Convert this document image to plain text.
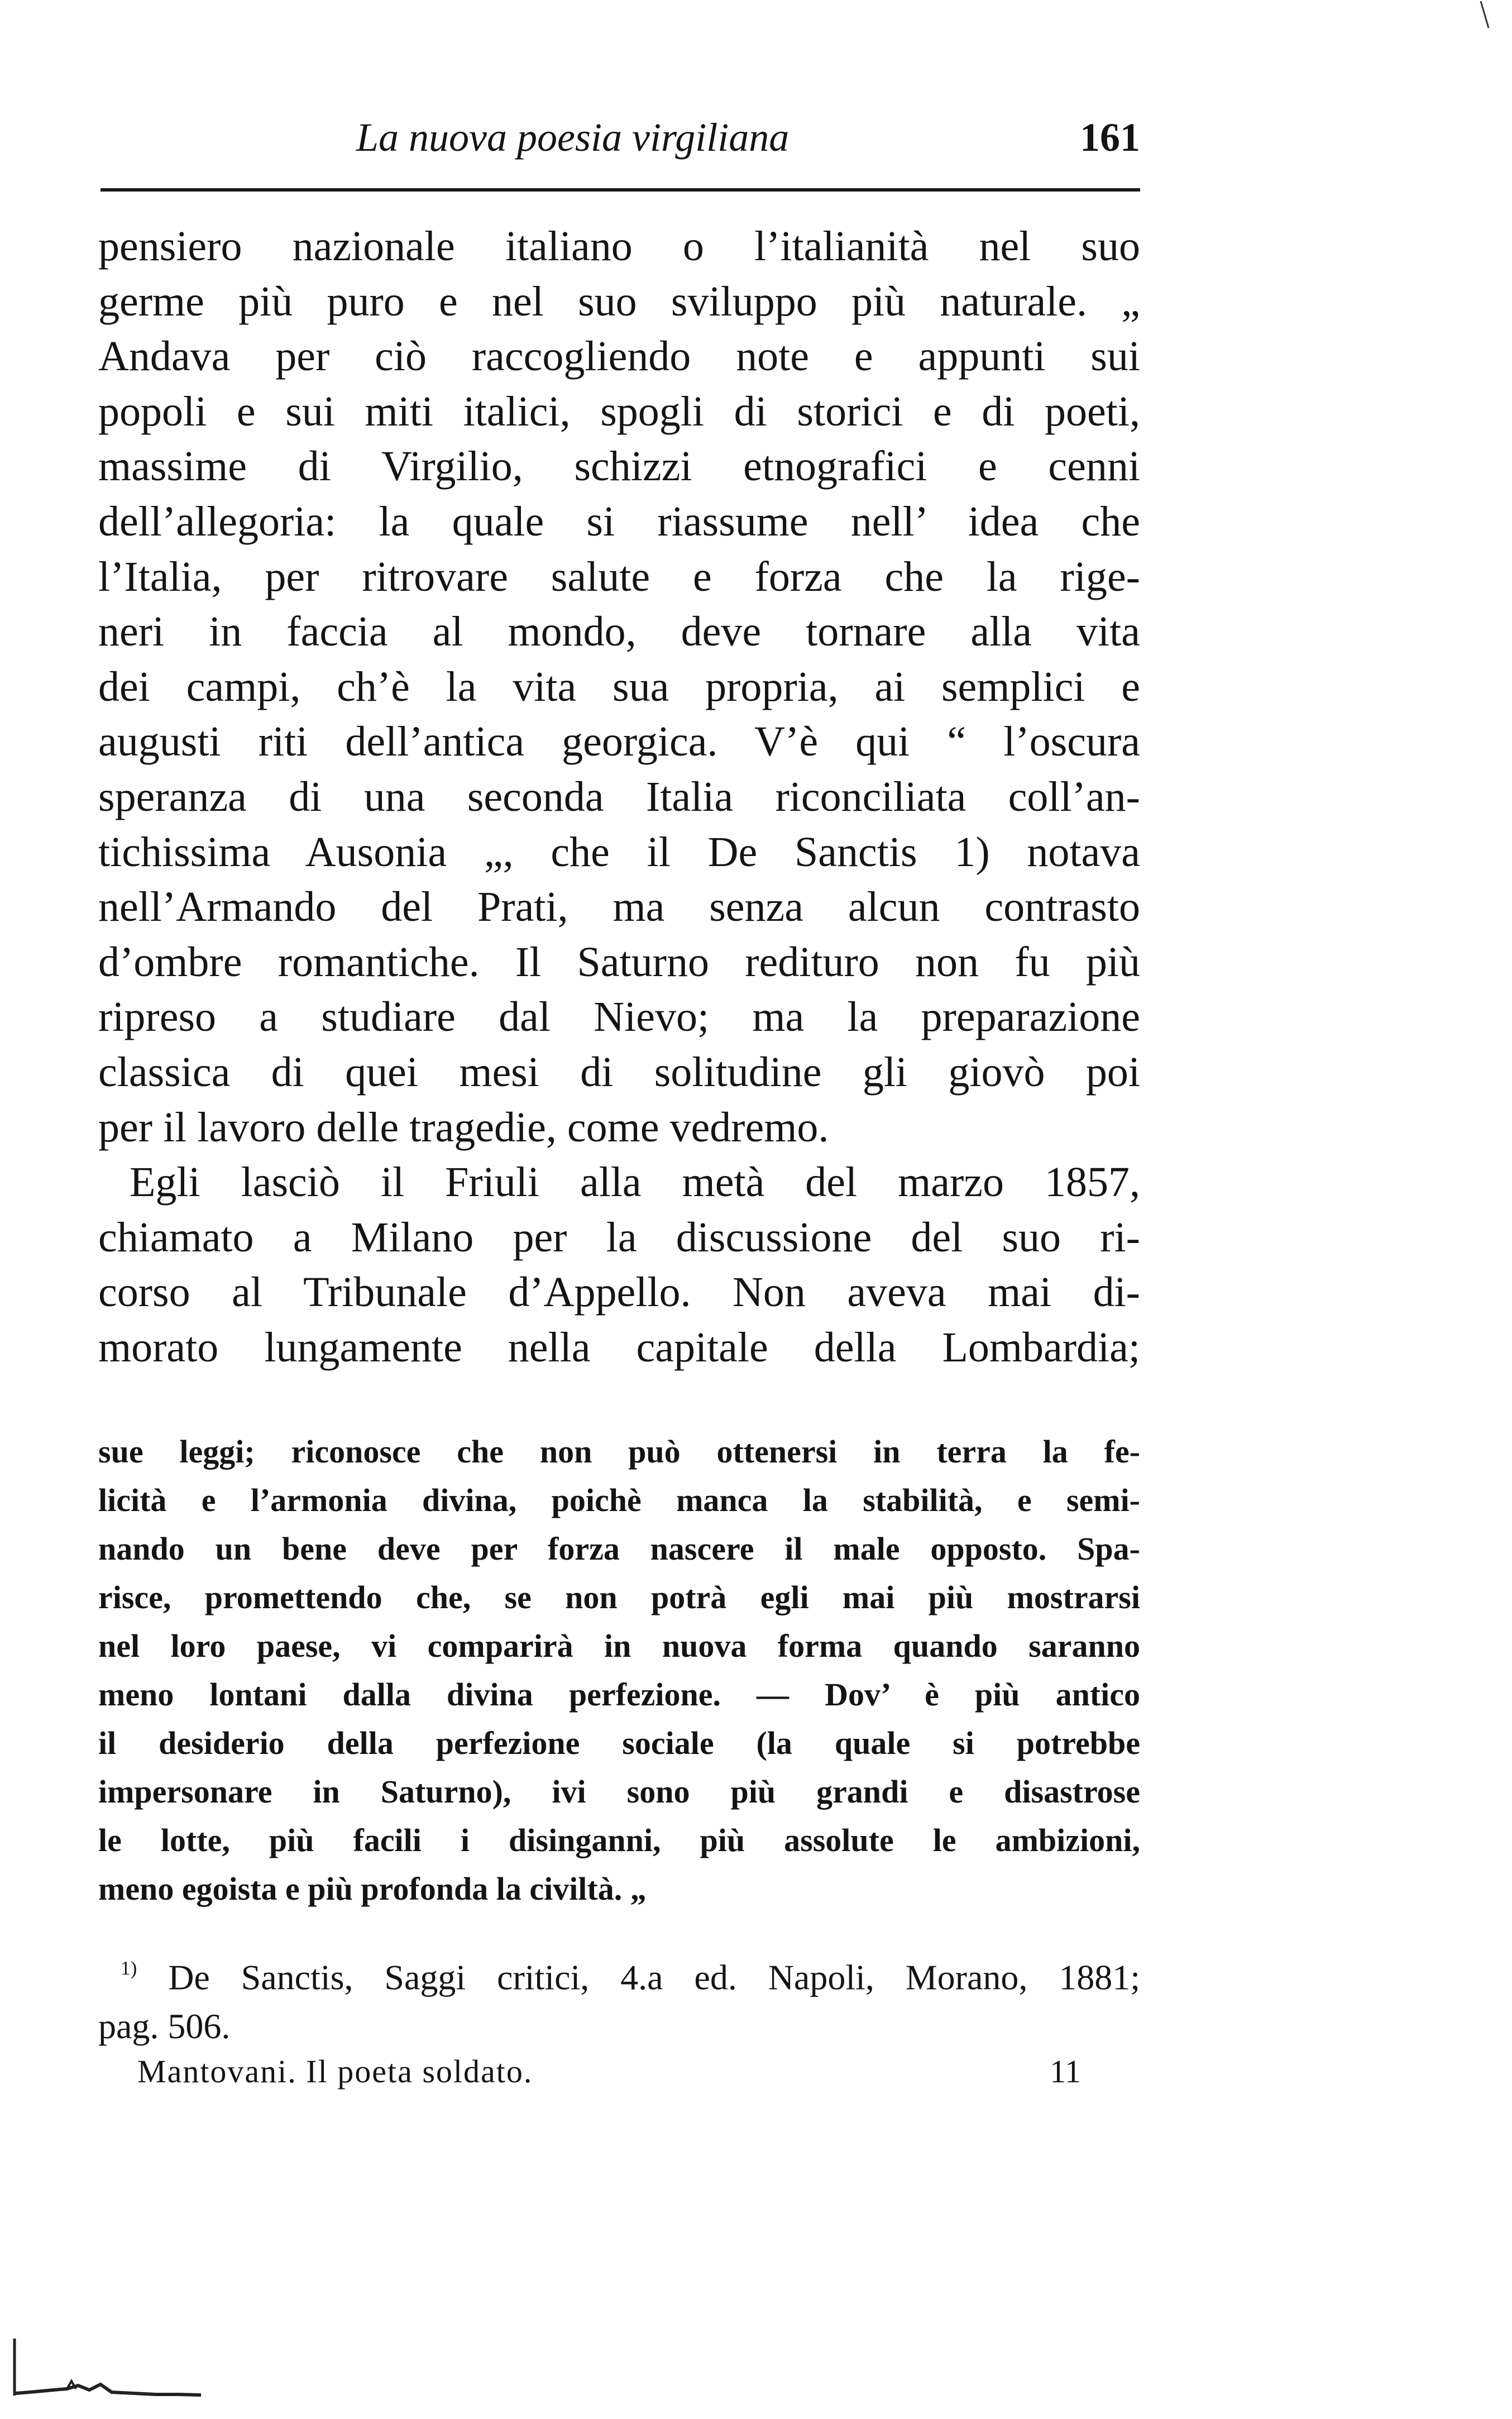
La nuova poesia virgiliana	161
pensiero nazionale italiano o l’italianità nel suo
germe più puro e nel suo sviluppo più naturale. „
Andava per ciò raccogliendo note e appunti sui
popoli e sui miti italici, spogli di storici e di poeti,
massime di Virgilio, schizzi etnografici e cenni
dell’allegoria: la quale si riassume nell’ idea che
l’Italia, per ritrovare salute e forza che la rige-
neri in faccia al mondo, deve tornare alla vita
dei campi, ch’è la vita sua propria, ai semplici e
augusti riti dell’antica georgica. V’è qui “ l’oscura
speranza di una seconda Italia riconciliata coll’an-
tichissima Ausonia „, che il De Sanctis 1) notava
nell’Armando del Prati, ma senza alcun contrasto
d’ombre romantiche. Il Saturno redituro non fu più
ripreso a studiare dal Nievo; ma la preparazione
classica di quei mesi di solitudine gli giovò poi
per il lavoro delle tragedie, come vedremo.
Egli lasciò il Friuli alla metà del marzo 1857,
chiamato a Milano per la discussione del suo ri-
corso al Tribunale d’Appello. Non aveva mai di-
morato lungamente nella capitale della Lombardia;
sue leggi; riconosce che non può ottenersi in terra la fe-
licità e l’armonia divina, poichè manca la stabilità, e semi-
nando un bene deve per forza nascere il male opposto. Spa-
risce, promettendo che, se non potrà egli mai più mostrarsi
nel loro paese, vi comparirà in nuova forma quando saranno
meno lontani dalla divina perfezione. — Dov’ è più antico
il desiderio della perfezione sociale (la quale si potrebbe
impersonare in Saturno), ivi sono più grandi e disastrose
le lotte, più facili i disinganni, più assolute le ambizioni,
meno egoista e più profonda la civiltà. „
$^{1)}$ De Sanctis, Saggi critici, 4.a ed. Napoli, Morano, 1881;
pag. 506.
Mantovani. Il poeta soldato.	11
